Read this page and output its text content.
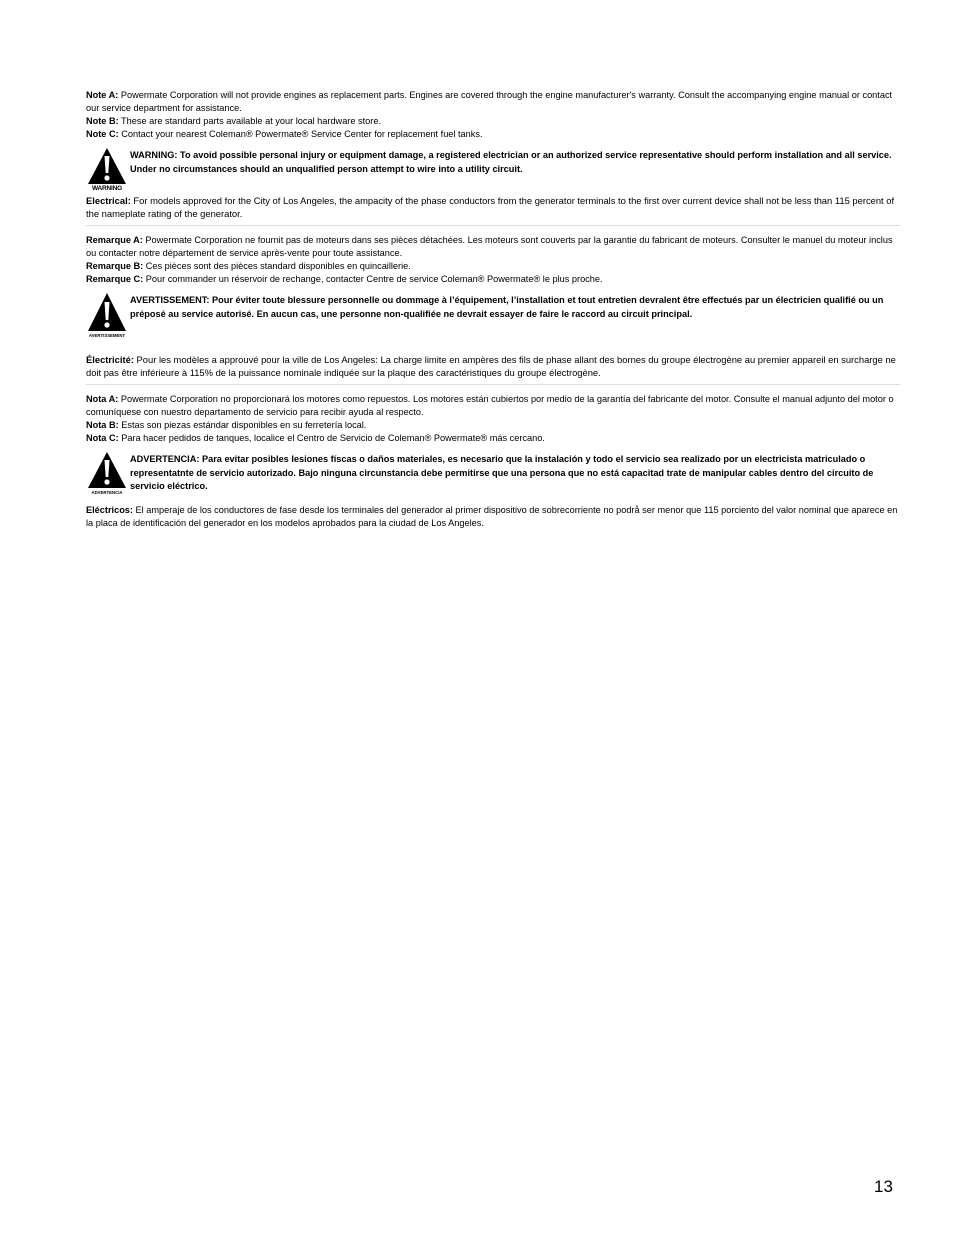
Note A: Powermate Corporation will not provide engines as replacement parts. Engines are covered through the engine manufacturer's warranty. Consult the accompanying engine manual or contact our service department for assistance.

Note B: These are standard parts available at your local hardware store.

Note C: Contact your nearest Coleman® Powermate® Service Center for replacement fuel tanks.

WARNING
WARNING: To avoid possible personal injury or equipment damage, a registered electrician or an authorized service representative should perform installation and all service. Under no circumstances should an unqualified person attempt to wire into a utility circuit.

Electrical: For models approved for the City of Los Angeles, the ampacity of the phase conductors from the generator terminals to the first over current device shall not be less than 115 percent of the nameplate rating of the generator.

Remarque A: Powermate Corporation ne fournit pas de moteurs dans ses pièces détachées. Les moteurs sont couverts par la garantie du fabricant de moteurs. Consulter le manuel du moteur inclus ou contacter notre département de service après-vente pour toute assistance.

Remarque B: Ces pièces sont des pièces standard disponibles en quincaillerie.

Remarque C: Pour commander un réservoir de rechange, contacter Centre de service Coleman® Powermate® le plus proche.

AVERTISSEMENT
AVERTISSEMENT: Pour éviter toute blessure personnelle ou dommage à l’équipement, l’installation et tout entretien devralent être effectués par un électricien qualifié ou un préposé au service autorisé. En aucun cas, une personne non-qualifiée ne devrait essayer de faire le raccord au circuit principal.

Électricité: Pour les modèles a approuvé pour la ville de Los Angeles: La charge limite en ampères des fils de phase allant des bornes du groupe électrogène au premier appareil en surcharge ne doit pas être inférieure à 115% de la puissance nominale indiquée sur la plaque des caractéristiques du groupe électrogène.

Nota A: Powermate Corporation no proporcionará los motores como repuestos. Los motores están cubiertos por medio de la garantía del fabricante del motor. Consulte el manual adjunto del motor o comuníquese con nuestro departamento de servicio para recibir ayuda al respecto.

Nota B: Estas son piezas estándar disponibles en su ferretería local.

Nota C: Para hacer pedidos de tanques, localice el Centro de Servicio de Coleman® Powermate® más cercano.

ADVERTENCIA
ADVERTENCIA: Para evitar posibles lesiones físcas o daños materiales, es necesario que la instalación y todo el servicio sea realizado por un electricista matriculado o representatnte de servicio autorizado. Bajo ninguna circunstancia debe permitirse que una persona que no está capacitad trate de manipular cables dentro del circuito de servicio eléctrico.

Eléctricos: El amperaje de los conductores de fase desde los terminales del generador al primer dispositivo de sobrecorriente no podrå ser menor que 115 porciento del valor nominal que aparece en la placa de identificación del generador en los modelos aprobados para la ciudad de Los Angeles.

13
